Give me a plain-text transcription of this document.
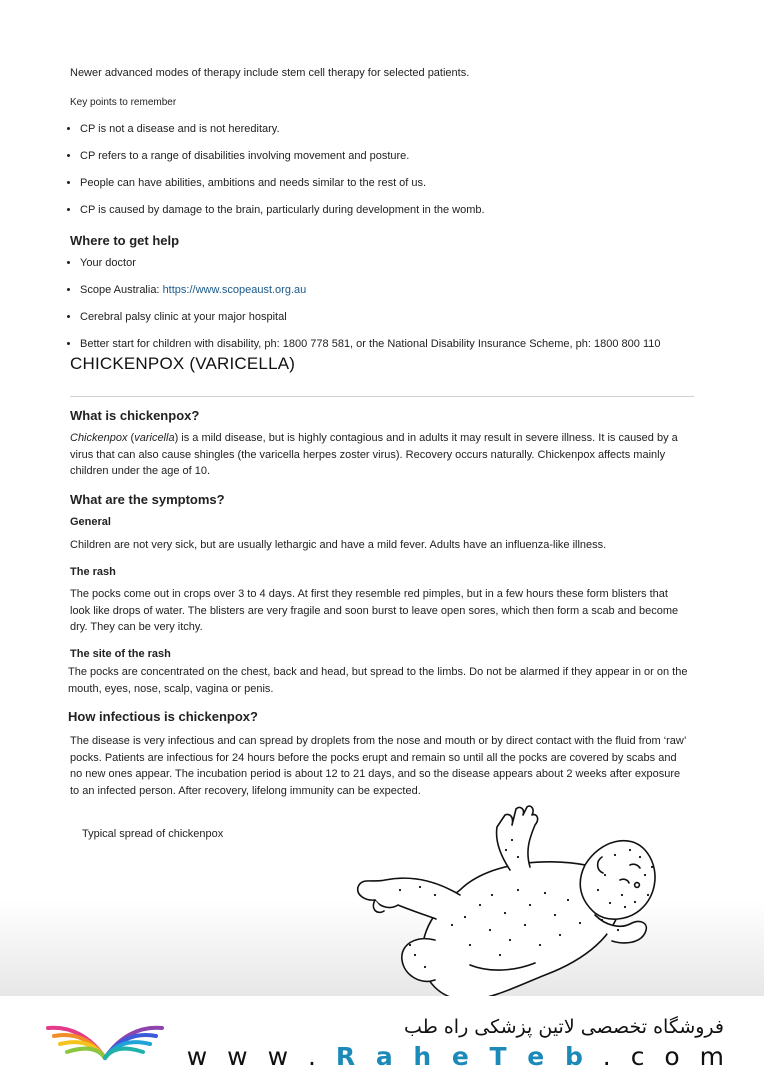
Newer advanced modes of therapy include stem cell therapy for selected patients.
Key points to remember
• CP is not a disease and is not hereditary.
• CP refers to a range of disabilities involving movement and posture.
• People can have abilities, ambitions and needs similar to the rest of us.
• CP is caused by damage to the brain, particularly during development in the womb.
Where to get help
• Your doctor
• Scope Australia: https://www.scopeaust.org.au
• Cerebral palsy clinic at your major hospital
• Better start for children with disability, ph: 1800 778 581, or the National Disability Insurance Scheme, ph: 1800 800 110
CHICKENPOX (VARICELLA)
What is chickenpox?
Chickenpox (varicella) is a mild disease, but is highly contagious and in adults it may result in severe illness. It is caused by a virus that can also cause shingles (the varicella herpes zoster virus). Recovery occurs naturally. Chickenpox affects mainly children under the age of 10.
What are the symptoms?
General
Children are not very sick, but are usually lethargic and have a mild fever. Adults have an influenza-like illness.
The rash
The pocks come out in crops over 3 to 4 days. At first they resemble red pimples, but in a few hours these form blisters that look like drops of water. The blisters are very fragile and soon burst to leave open sores, which then form a scab and become dry. They can be very itchy.
The site of the rash
The pocks are concentrated on the chest, back and head, but spread to the limbs. Do not be alarmed if they appear in or on the mouth, eyes, nose, scalp, vagina or penis.
How infectious is chickenpox?
The disease is very infectious and can spread by droplets from the nose and mouth or by direct contact with the fluid from ‘raw’ pocks. Patients are infectious for 24 hours before the pocks erupt and remain so until all the pocks are covered by scabs and no new ones appear. The incubation period is about 12 to 21 days, and so the disease appears about 2 weeks after exposure to an infected person. After recovery, lifelong immunity can be expected.
Typical spread of chickenpox
فروشگاه تخصصی لاتین پزشکی راه طب
w w w . R a h e T e b . c o m
